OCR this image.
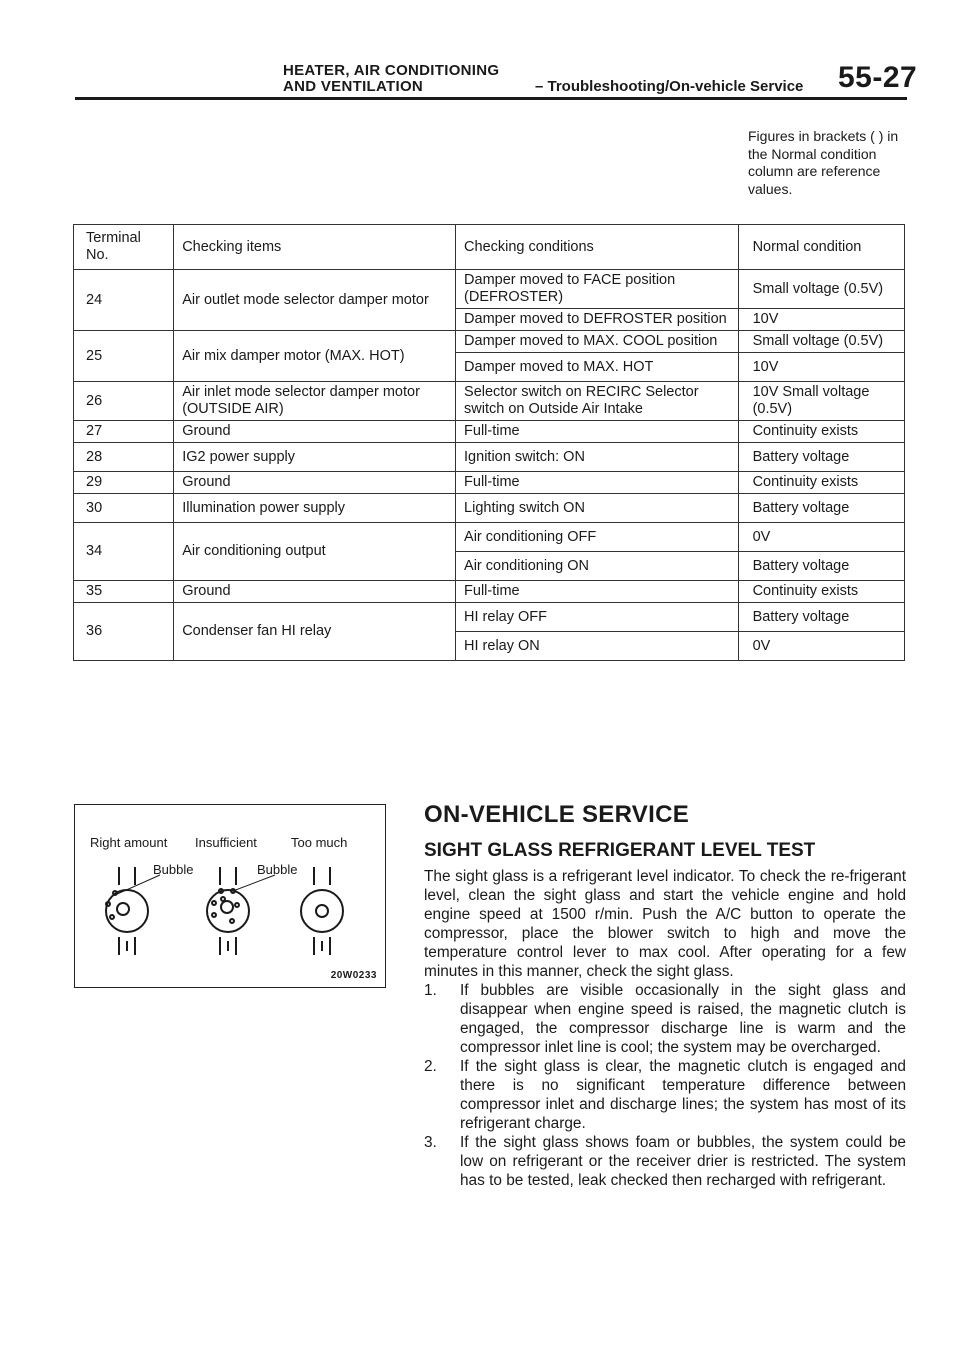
HEATER, AIR CONDITIONING
AND VENTILATION	– Troubleshooting/On-vehicle Service 55-27
Figures in brackets ( ) in the Normal condition column are reference values.
Terminal No.	Checking items	Checking conditions	Normal condition
24	Air outlet mode selector damper motor	Damper moved to FACE position (DEFROSTER)	Small voltage (0.5V)
		Damper moved to DEFROSTER position	10V
25	Air mix damper motor (MAX. HOT)	Damper moved to MAX. COOL position	Small voltage (0.5V)
		Damper moved to MAX. HOT	10V
26	Air inlet mode selector damper motor (OUTSIDE AIR)	Selector switch on RECIRC Selector switch on Outside Air Intake	10V Small voltage (0.5V)
27	Ground	Full-time	Continuity exists
28	IG2 power supply	Ignition switch: ON	Battery voltage
29	Ground	Full-time	Continuity exists
30	Illumination power supply	Lighting switch ON	Battery voltage
34	Air conditioning output	Air conditioning OFF	0V
		Air conditioning ON	Battery voltage
35	Ground	Full-time	Continuity exists
36	Condenser fan HI relay	HI relay OFF	Battery voltage
		HI relay ON	0V
Right amount Insufficient	Too much
Bubble	Bubble
20W0233
ON-VEHICLE SERVICE
SIGHT GLASS REFRIGERANT LEVEL TEST

The sight glass is a refrigerant level indicator. To check the re-frigerant level, clean the sight glass and start the vehicle engine and hold engine speed at 1500 r/min. Push the A/C button to operate the compressor, place the blower switch to high and move the temperature control lever to max cool. After operating for a few minutes in this manner, check the sight glass.

1. If bubbles are visible occasionally in the sight glass and disappear when engine speed is raised, the magnetic clutch is engaged, the compressor discharge line is warm and the compressor inlet line is cool; the system may be overcharged.
2. If the sight glass is clear, the magnetic clutch is engaged and there is no significant temperature difference between compressor inlet and discharge lines; the system has most of its refrigerant charge.
3. If the sight glass shows foam or bubbles, the system could be low on refrigerant or the receiver drier is restricted. The system has to be tested, leak checked then recharged with refrigerant.
